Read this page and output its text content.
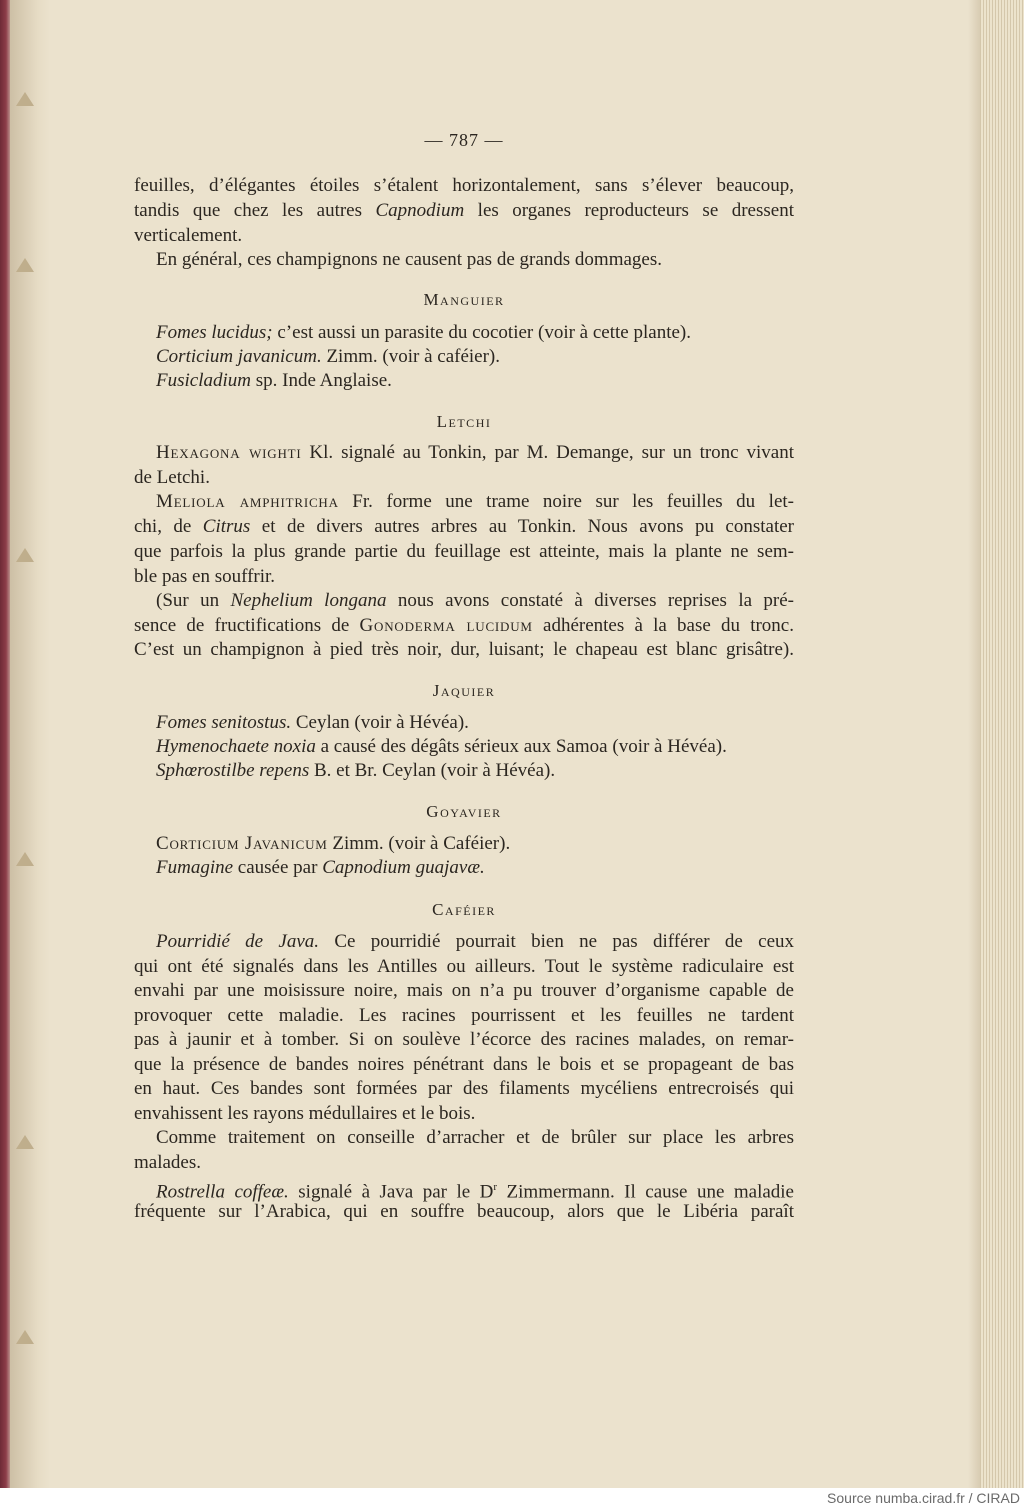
— 787 —
feuilles, d’élégantes étoiles s’étalent horizontalement, sans s’élever beaucoup,
tandis que chez les autres Capnodium les organes reproducteurs se dressent
verticalement.
En général, ces champignons ne causent pas de grands dommages.
Manguier
Fomes lucidus; c’est aussi un parasite du cocotier (voir à cette plante).
Corticium javanicum. Zimm. (voir à caféier).
Fusicladium sp. Inde Anglaise.
Letchi
Hexagona wighti Kl. signalé au Tonkin, par M. Demange, sur un tronc vivant
de Letchi.
Meliola amphitricha Fr. forme une trame noire sur les feuilles du let-
chi, de Citrus et de divers autres arbres au Tonkin. Nous avons pu constater
que parfois la plus grande partie du feuillage est atteinte, mais la plante ne sem-
ble pas en souffrir.
(Sur un Nephelium longana nous avons constaté à diverses reprises la pré-
sence de fructifications de Gonoderma lucidum adhérentes à la base du tronc.
C’est un champignon à pied très noir, dur, luisant; le chapeau est blanc grisâtre).
Jaquier
Fomes senitostus. Ceylan (voir à Hévéa).
Hymenochaete noxia a causé des dégâts sérieux aux Samoa (voir à Hévéa).
Sphœrostilbe repens B. et Br. Ceylan (voir à Hévéa).
Goyavier
Corticium Javanicum Zimm. (voir à Caféier).
Fumagine causée par Capnodium guajavæ.
Caféier
Pourridié de Java. Ce pourridié pourrait bien ne pas différer de ceux
qui ont été signalés dans les Antilles ou ailleurs. Tout le système radiculaire est
envahi par une moisissure noire, mais on n’a pu trouver d’organisme capable de
provoquer cette maladie. Les racines pourrissent et les feuilles ne tardent
pas à jaunir et à tomber. Si on soulève l’écorce des racines malades, on remar-
que la présence de bandes noires pénétrant dans le bois et se propageant de bas
en haut. Ces bandes sont formées par des filaments mycéliens entrecroisés qui
envahissent les rayons médullaires et le bois.
Comme traitement on conseille d’arracher et de brûler sur place les arbres
malades.
Rostrella coffeæ. signalé à Java par le $D^r$ Zimmermann. Il cause une maladie
fréquente sur l’Arabica, qui en souffre beaucoup, alors que le Libéria paraît
Source numba.cirad.fr / CIRAD
